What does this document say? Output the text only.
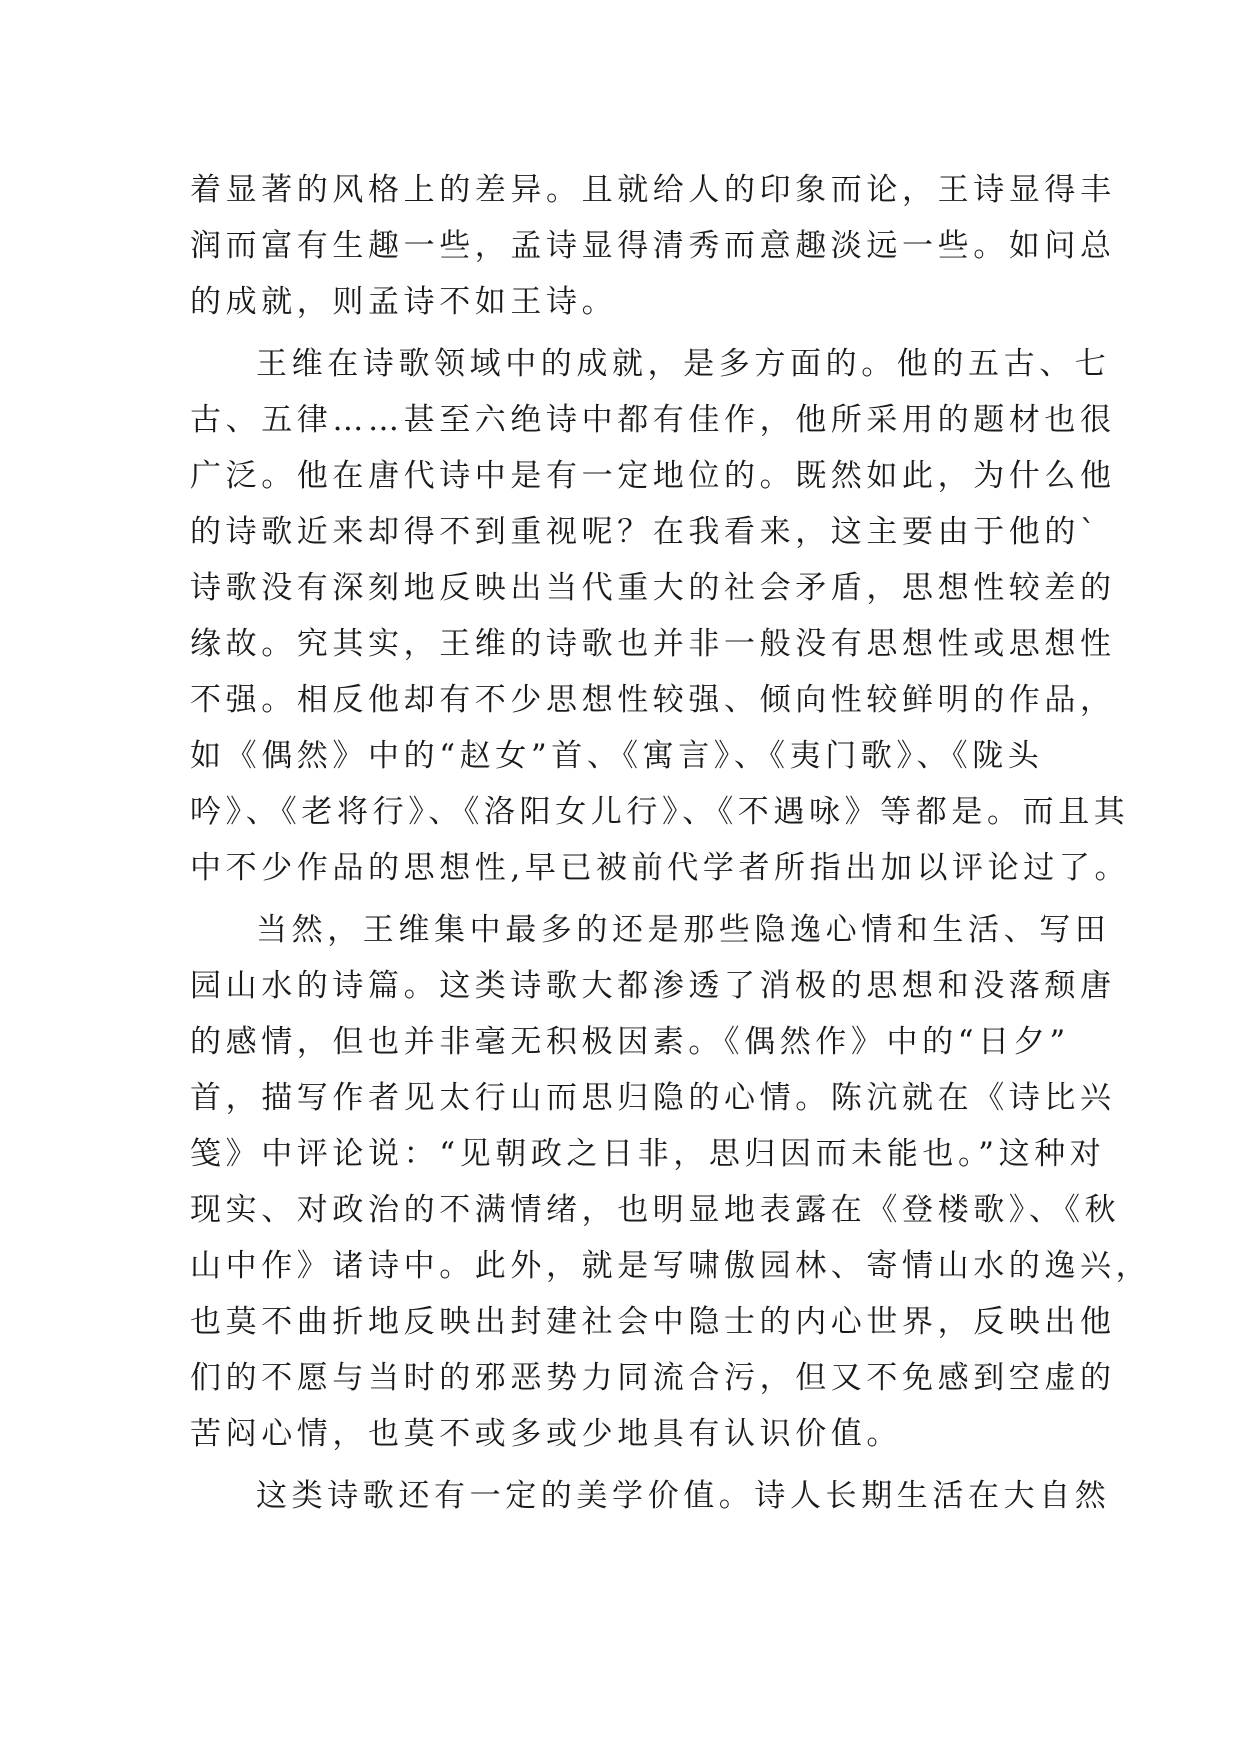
着显著的风格上的差异。且就给人的印象而论，王诗显得丰
润而富有生趣一些，孟诗显得清秀而意趣淡远一些。如问总
的成就，则孟诗不如王诗。
王维在诗歌领域中的成就，是多方面的。他的五古、七
古、五律……甚至六绝诗中都有佳作，他所采用的题材也很
广泛。他在唐代诗中是有一定地位的。既然如此，为什么他
的诗歌近来却得不到重视呢？在我看来，这主要由于他的`
诗歌没有深刻地反映出当代重大的社会矛盾，思想性较差的
缘故。究其实，王维的诗歌也并非一般没有思想性或思想性
不强。相反他却有不少思想性较强、倾向性较鲜明的作品，
如《偶然》中的“赵女”首、《寓言》、《夷门歌》、《陇头
吟》、《老将行》、《洛阳女儿行》、《不遇咏》等都是。而且其
中不少作品的思想性,早已被前代学者所指出加以评论过了。
当然，王维集中最多的还是那些隐逸心情和生活、写田
园山水的诗篇。这类诗歌大都渗透了消极的思想和没落颓唐
的感情，但也并非毫无积极因素。《偶然作》中的“日夕”
首，描写作者见太行山而思归隐的心情。陈沆就在《诗比兴
笺》中评论说：“见朝政之日非，思归因而未能也。”这种对
现实、对政治的不满情绪，也明显地表露在《登楼歌》、《秋
山中作》诸诗中。此外，就是写啸傲园林、寄情山水的逸兴，
也莫不曲折地反映出封建社会中隐士的内心世界，反映出他
们的不愿与当时的邪恶势力同流合污，但又不免感到空虚的
苦闷心情，也莫不或多或少地具有认识价值。
这类诗歌还有一定的美学价值。诗人长期生活在大自然
